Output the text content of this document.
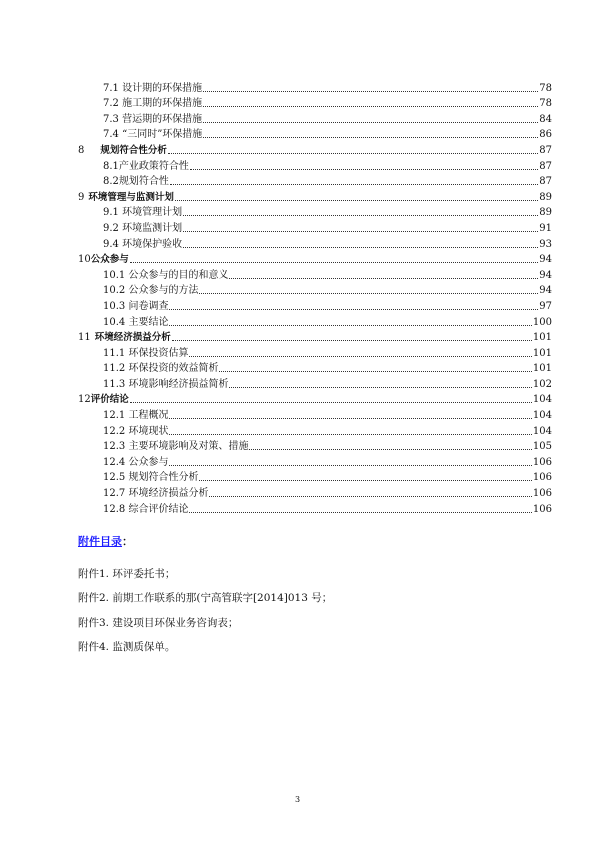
7.1 设计期的环保措施	78
7.2 施工期的环保措施	78
7.3 营运期的环保措施	84
7.4 “三同时”环保措施	86
8 规划符合性分析	87
8.1产业政策符合性	87
8.2规划符合性	87
9 环境管理与监测计划	89
9.1 环境管理计划	89
9.2 环境监测计划	91
9.4 环境保护验收	93
10公众参与	94
10.1 公众参与的目的和意义	94
10.2 公众参与的方法	94
10.3 问卷调查	97
10.4 主要结论	100
11 环境经济损益分析	101
11.1 环保投资估算	101
11.2 环保投资的效益简析	101
11.3 环境影响经济损益简析	102
12评价结论	104
12.1 工程概况	104
12.2 环境现状	104
12.3 主要环境影响及对策、措施	105
12.4 公众参与	106
12.5 规划符合性分析	106
12.7 环境经济损益分析	106
12.8 综合评价结论	106
附件目录：
附件1. 环评委托书；
附件2. 前期工作联系的那(宁高管联字[2014]013 号；
附件3. 建设项目环保业务咨询表；
附件4. 监测质保单。
3
